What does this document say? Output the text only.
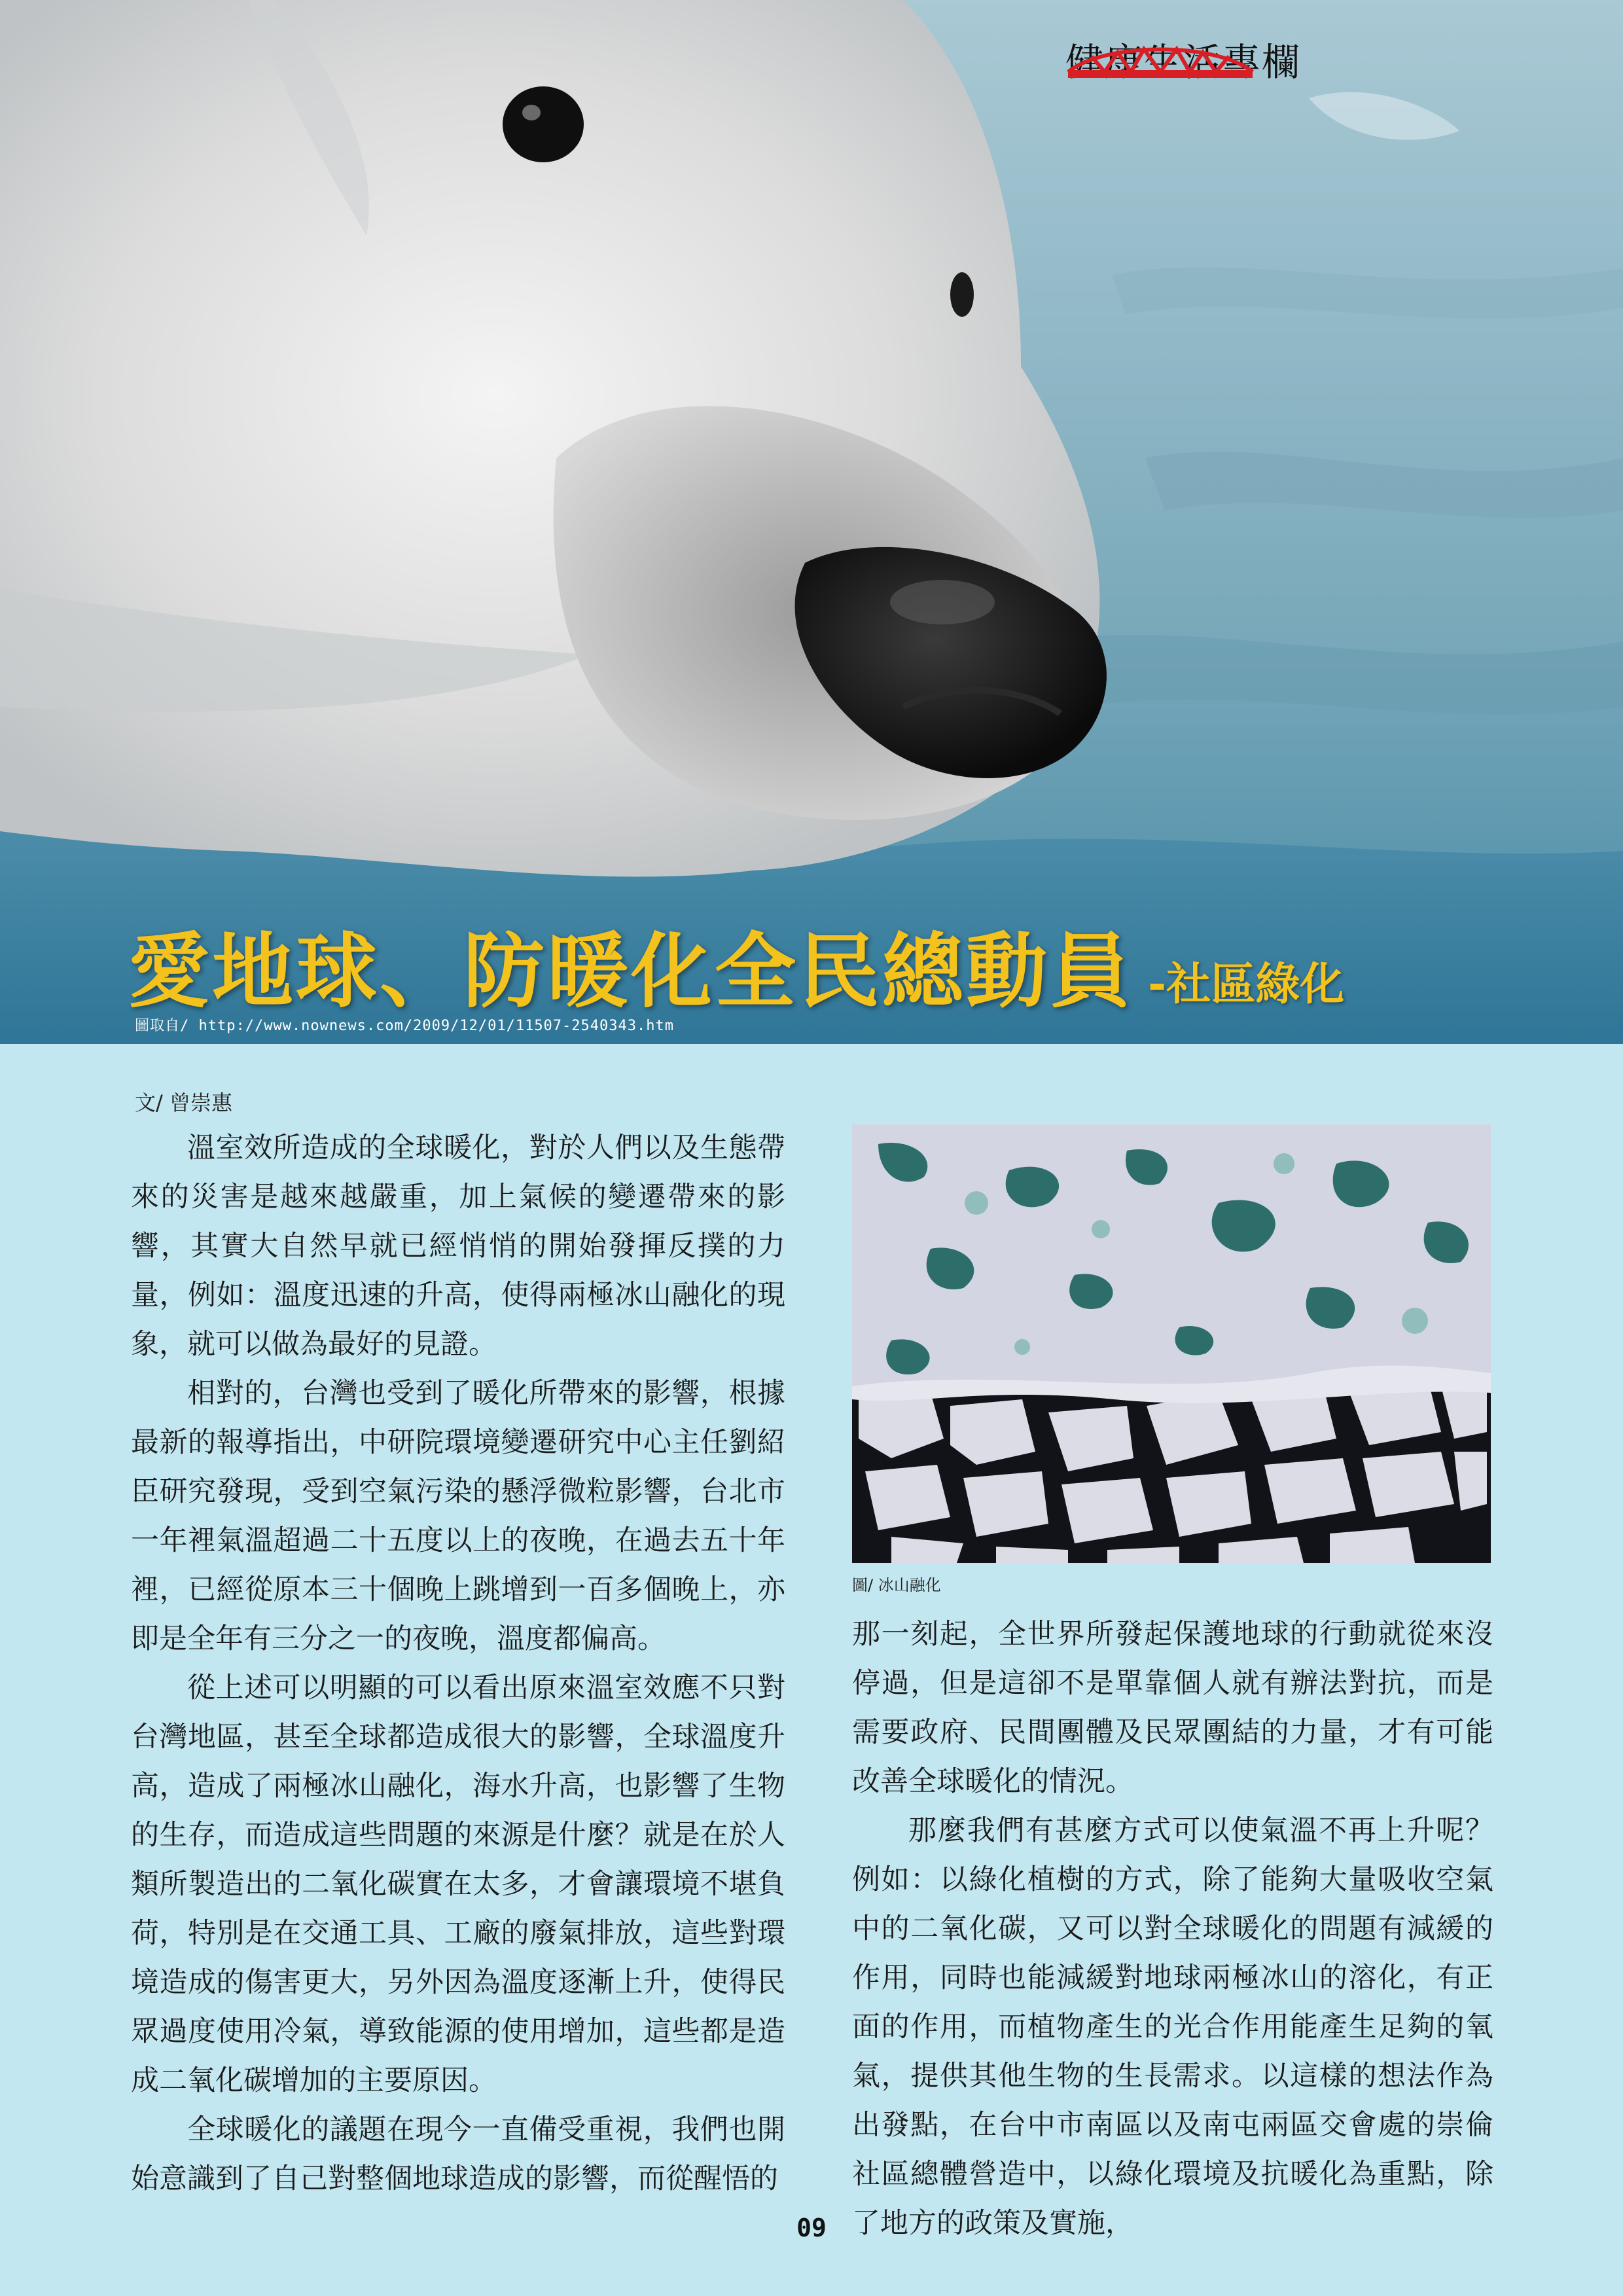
健康生活專欄
愛地球、防暖化全民總動員 -社區綠化
圖取自/ http://www.nownews.com/2009/12/01/11507-2540343.htm
文/ 曾崇惠

溫室效所造成的全球暖化，對於人們以及生態帶來的災害是越來越嚴重，加上氣候的變遷帶來的影響，其實大自然早就已經悄悄的開始發揮反撲的力量，例如：溫度迅速的升高，使得兩極冰山融化的現象，就可以做為最好的見證。

相對的，台灣也受到了暖化所帶來的影響，根據最新的報導指出，中研院環境變遷研究中心主任劉紹臣研究發現，受到空氣污染的懸浮微粒影響，台北市一年裡氣溫超過二十五度以上的夜晚，在過去五十年裡，已經從原本三十個晚上跳增到一百多個晚上，亦即是全年有三分之一的夜晚，溫度都偏高。

從上述可以明顯的可以看出原來溫室效應不只對台灣地區，甚至全球都造成很大的影響，全球溫度升高，造成了兩極冰山融化，海水升高，也影響了生物的生存，而造成這些問題的來源是什麼？就是在於人類所製造出的二氧化碳實在太多，才會讓環境不堪負荷，特別是在交通工具、工廠的廢氣排放，這些對環境造成的傷害更大，另外因為溫度逐漸上升，使得民眾過度使用冷氣，導致能源的使用增加，這些都是造成二氧化碳增加的主要原因。

全球暖化的議題在現今一直備受重視，我們也開始意識到了自己對整個地球造成的影響，而從醒悟的

圖/ 冰山融化

那一刻起，全世界所發起保護地球的行動就從來沒停過，但是這卻不是單靠個人就有辦法對抗，而是需要政府、民間團體及民眾團結的力量，才有可能改善全球暖化的情況。

那麼我們有甚麼方式可以使氣溫不再上升呢？例如：以綠化植樹的方式，除了能夠大量吸收空氣中的二氧化碳，又可以對全球暖化的問題有減緩的作用，同時也能減緩對地球兩極冰山的溶化，有正面的作用，而植物產生的光合作用能產生足夠的氧氣，提供其他生物的生長需求。以這樣的想法作為出發點，在台中市南區以及南屯兩區交會處的崇倫社區總體營造中，以綠化環境及抗暖化為重點，除了地方的政策及實施，

09
